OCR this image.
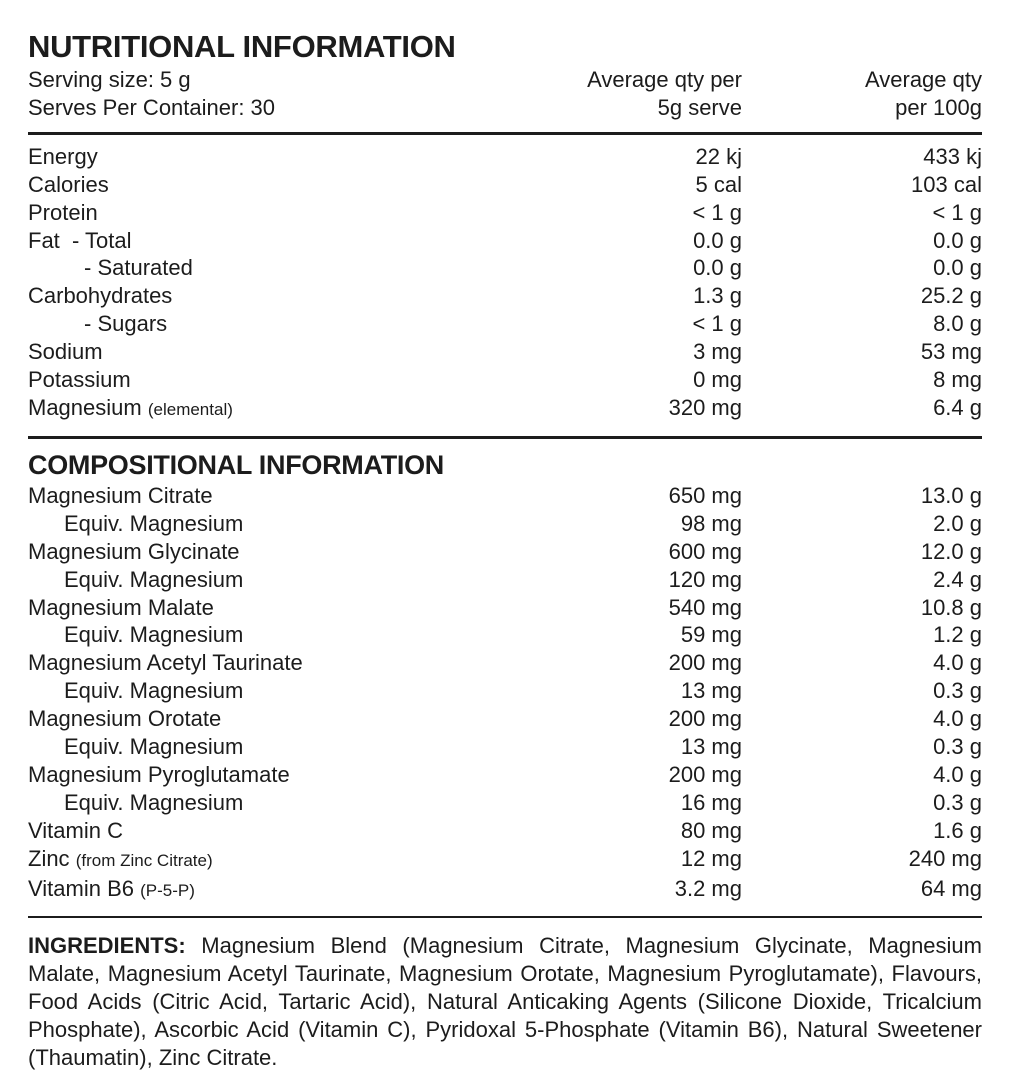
NUTRITIONAL INFORMATION
Serving size: 5 g	Average qty per	Average qty
Serves Per Container: 30	5g serve	per 100g
Energy	22 kj	433 kj
Calories	5 cal	103 cal
Protein	< 1 g	< 1 g
Fat  - Total	0.0 g	0.0 g
- Saturated	0.0 g	0.0 g
Carbohydrates	1.3 g	25.2 g
- Sugars	< 1 g	8.0 g
Sodium	3 mg	53 mg
Potassium	0 mg	8 mg
Magnesium (elemental)	320 mg	6.4 g
COMPOSITIONAL INFORMATION
Magnesium Citrate	650 mg	13.0 g
Equiv. Magnesium	98 mg	2.0 g
Magnesium Glycinate	600 mg	12.0 g
Equiv. Magnesium	120 mg	2.4 g
Magnesium Malate	540 mg	10.8 g
Equiv. Magnesium	59 mg	1.2 g
Magnesium Acetyl Taurinate	200 mg	4.0 g
Equiv. Magnesium	13 mg	0.3 g
Magnesium Orotate	200 mg	4.0 g
Equiv. Magnesium	13 mg	0.3 g
Magnesium Pyroglutamate	200 mg	4.0 g
Equiv. Magnesium	16 mg	0.3 g
Vitamin C	80 mg	1.6 g
Zinc (from Zinc Citrate)	12 mg	240 mg
Vitamin B6 (P-5-P)	3.2 mg	64 mg

INGREDIENTS: Magnesium Blend (Magnesium Citrate, Magnesium Glycinate, Magnesium Malate, Magnesium Acetyl Taurinate, Magnesium Orotate, Magnesium Pyroglutamate), Flavours, Food Acids (Citric Acid, Tartaric Acid), Natural Anticaking Agents (Silicone Dioxide, Tricalcium Phosphate), Ascorbic Acid (Vitamin C), Pyridoxal 5-Phosphate (Vitamin B6), Natural Sweetener (Thaumatin), Zinc Citrate.
